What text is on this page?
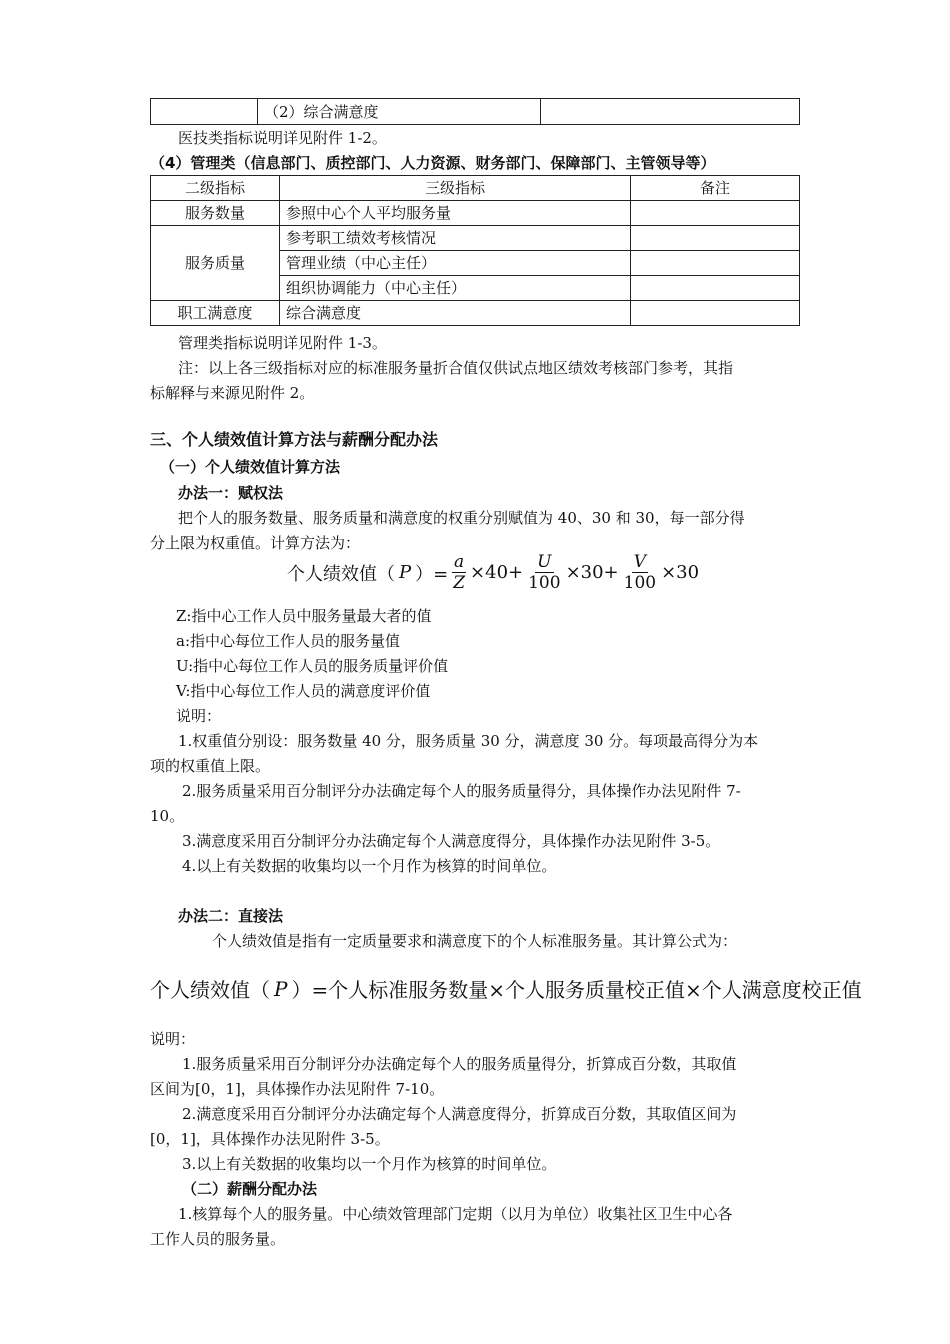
	（2）综合满意度	
医技类指标说明详见附件 1-2。
（4）管理类（信息部门、质控部门、人力资源、财务部门、保障部门、主管领导等）
二级指标	三级指标	备注
服务数量	参照中心个人平均服务量	
服务质量	参考职工绩效考核情况	
	管理业绩（中心主任）	
	组织协调能力（中心主任）	
职工满意度	综合满意度	
管理类指标说明详见附件 1-3。
注：以上各三级指标对应的标准服务量折合值仅供试点地区绩效考核部门参考，其指
标解释与来源见附件 2。
三、个人绩效值计算方法与薪酬分配办法
（一）个人绩效值计算方法
办法一：赋权法
把个人的服务数量、服务质量和满意度的权重分别赋值为 40、30 和 30，每一部分得
分上限为权重值。计算方法为：
个人绩效值（ P ）= $\frac{a}{Z} \times 40+ \frac{U}{100} \times 30+ \frac{V}{100} \times 30$
Z:指中心工作人员中服务量最大者的值
a:指中心每位工作人员的服务量值
U:指中心每位工作人员的服务质量评价值
V:指中心每位工作人员的满意度评价值
说明：
1.权重值分别设：服务数量 40 分，服务质量 30 分，满意度 30 分。每项最高得分为本
项的权重值上限。
2.服务质量采用百分制评分办法确定每个人的服务质量得分，具体操作办法见附件 7-
10。
3.满意度采用百分制评分办法确定每个人满意度得分，具体操作办法见附件 3-5。
4.以上有关数据的收集均以一个月作为核算的时间单位。
办法二：直接法
个人绩效值是指有一定质量要求和满意度下的个人标准服务量。其计算公式为：
个人绩效值（ P ）=个人标准服务数量×个人服务质量校正值×个人满意度校正值
说明：
1.服务质量采用百分制评分办法确定每个人的服务质量得分，折算成百分数，其取值
区间为[0，1]，具体操作办法见附件 7-10。
2.满意度采用百分制评分办法确定每个人满意度得分，折算成百分数，其取值区间为
[0，1]，具体操作办法见附件 3-5。
3.以上有关数据的收集均以一个月作为核算的时间单位。
（二）薪酬分配办法
1.核算每个人的服务量。中心绩效管理部门定期（以月为单位）收集社区卫生中心各
工作人员的服务量。
